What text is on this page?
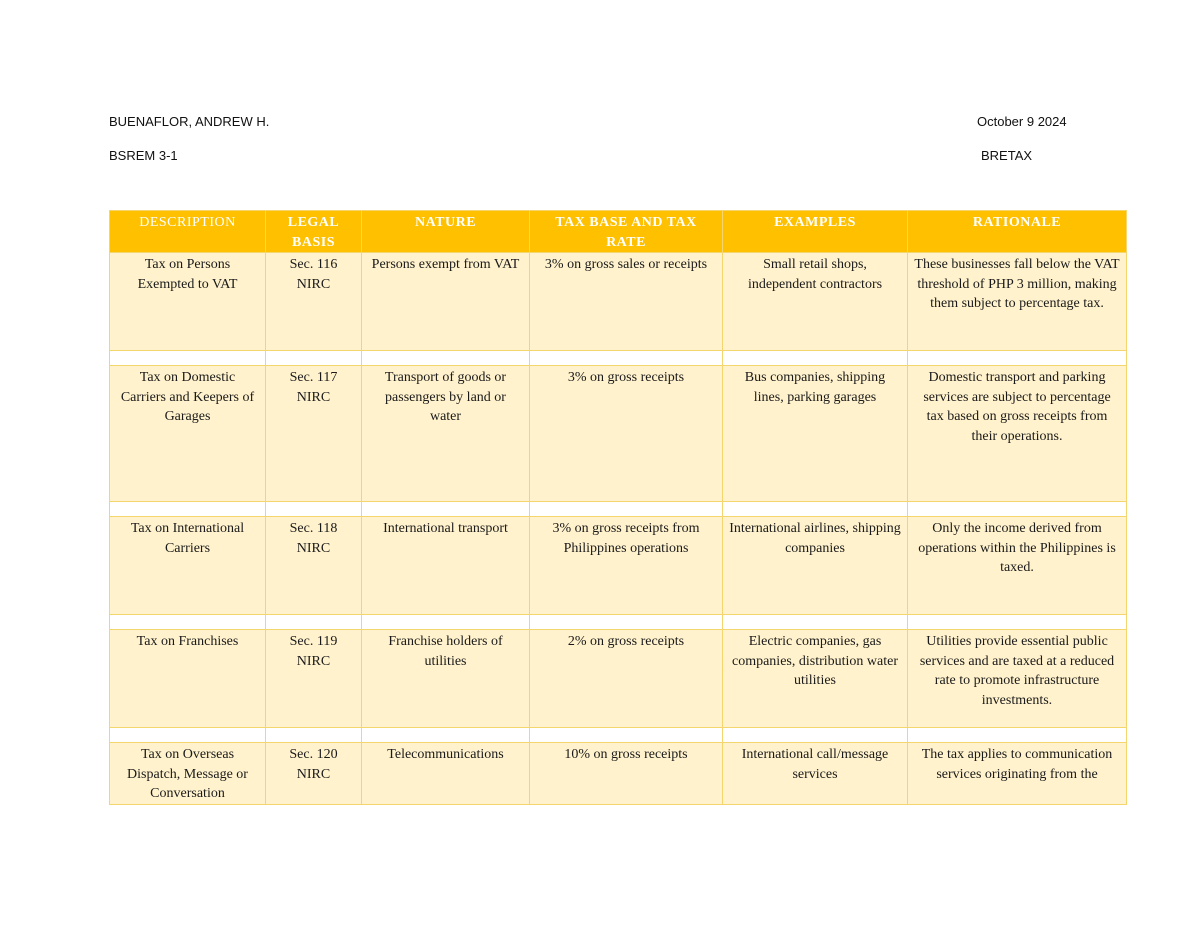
BUENAFLOR, ANDREW H.	October 9 2024
BSREM 3-1	BRETAX
DESCRIPTION	LEGAL BASIS	NATURE	TAX BASE AND TAX RATE	EXAMPLES	RATIONALE
Tax on Persons Exempted to VAT	Sec. 116 NIRC	Persons exempt from VAT	3% on gross sales or receipts	Small retail shops, independent contractors	These businesses fall below the VAT threshold of PHP 3 million, making them subject to percentage tax.

Tax on Domestic Carriers and Keepers of Garages	Sec. 117 NIRC	Transport of goods or passengers by land or water	3% on gross receipts	Bus companies, shipping lines, parking garages	Domestic transport and parking services are subject to percentage tax based on gross receipts from their operations.

Tax on International Carriers	Sec. 118 NIRC	International transport	3% on gross receipts from Philippines operations	International airlines, shipping companies	Only the income derived from operations within the Philippines is taxed.

Tax on Franchises	Sec. 119 NIRC	Franchise holders of utilities	2% on gross receipts	Electric companies, gas companies, distribution water utilities	Utilities provide essential public services and are taxed at a reduced rate to promote infrastructure investments.

Tax on Overseas Dispatch, Message or Conversation	Sec. 120 NIRC	Telecommunications	10% on gross receipts	International call/message services	The tax applies to communication services originating from the
